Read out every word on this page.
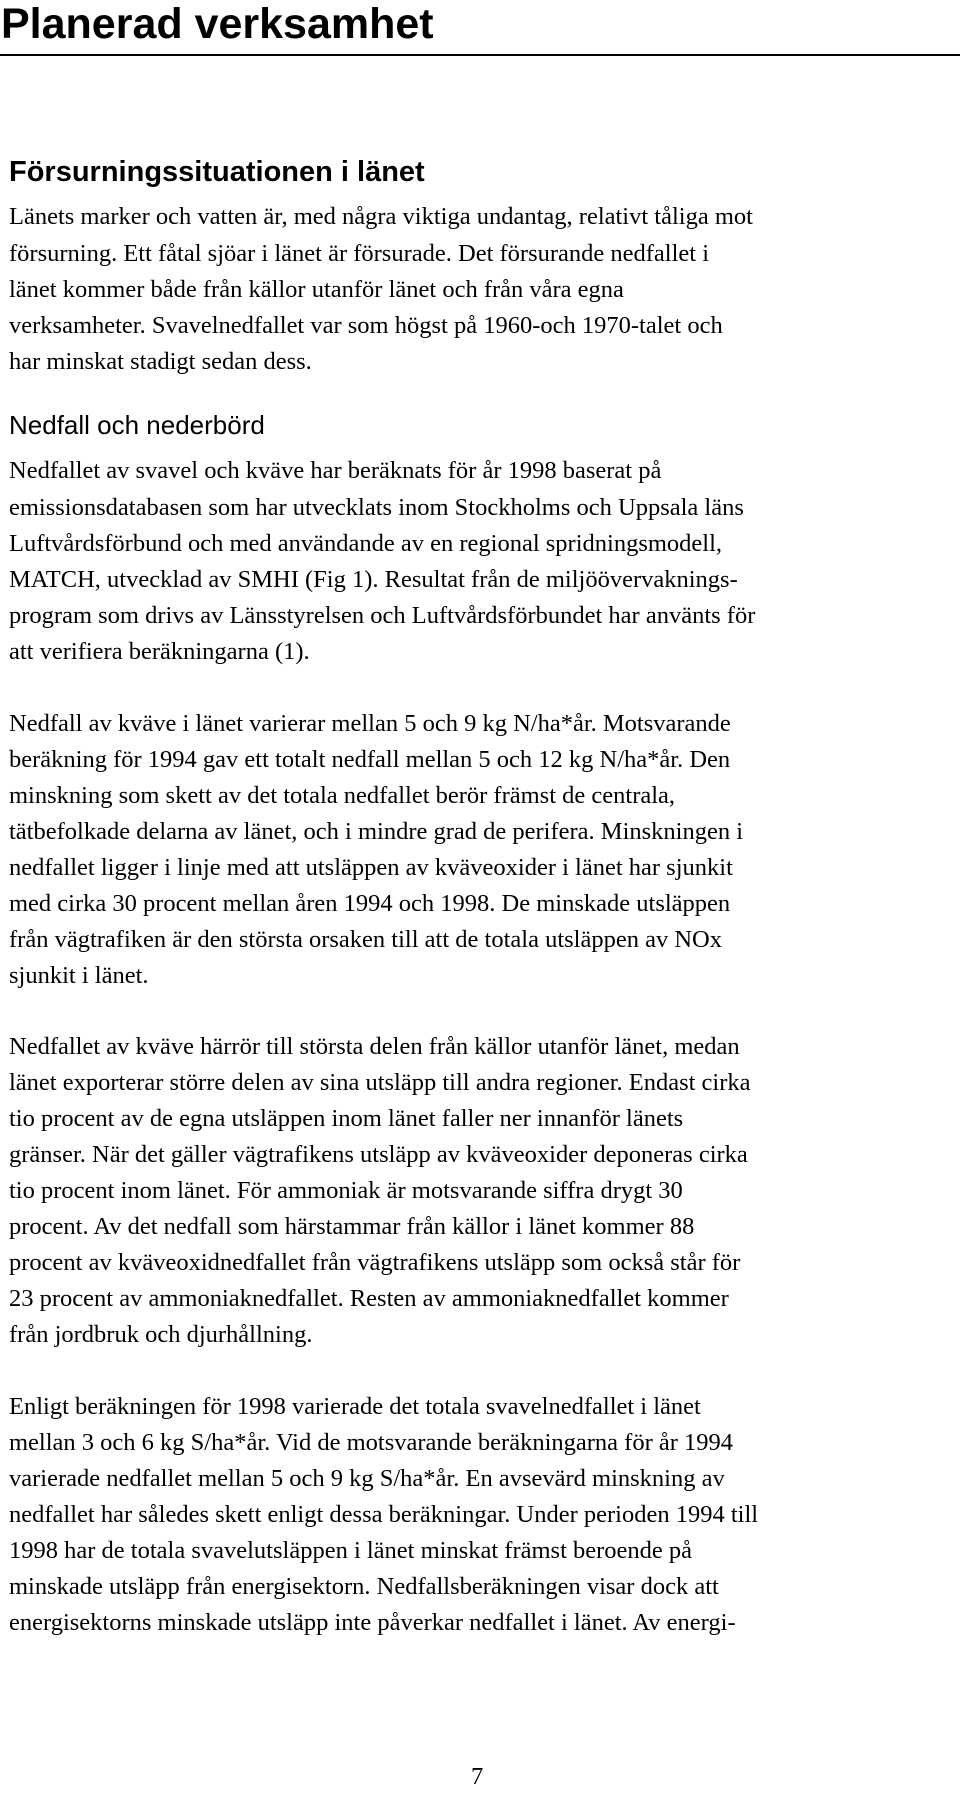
Planerad verksamhet
Försurningssituationen i länet
Länets marker och vatten är, med några viktiga undantag, relativt tåliga mot
försurning. Ett fåtal sjöar i länet är försurade. Det försurande nedfallet i
länet kommer både från källor utanför länet och från våra egna
verksamheter. Svavelnedfallet var som högst på 1960-och 1970-talet och
har minskat stadigt sedan dess.
Nedfall och nederbörd
Nedfallet av svavel och kväve har beräknats för år 1998 baserat på
emissionsdatabasen som har utvecklats inom Stockholms och Uppsala läns
Luftvårdsförbund och med användande av en regional spridningsmodell,
MATCH, utvecklad av SMHI (Fig 1). Resultat från de miljöövervaknings-
program som drivs av Länsstyrelsen och Luftvårdsförbundet har använts för
att verifiera beräkningarna (1).
Nedfall av kväve i länet varierar mellan 5 och 9 kg N/ha*år. Motsvarande
beräkning för 1994 gav ett totalt nedfall mellan 5 och 12 kg N/ha*år. Den
minskning som skett av det totala nedfallet berör främst de centrala,
tätbefolkade delarna av länet, och i mindre grad de perifera. Minskningen i
nedfallet ligger i linje med att utsläppen av kväveoxider i länet har sjunkit
med cirka 30 procent mellan åren 1994 och 1998. De minskade utsläppen
från vägtrafiken är den största orsaken till att de totala utsläppen av NOx
sjunkit i länet.
Nedfallet av kväve härrör till största delen från källor utanför länet, medan
länet exporterar större delen av sina utsläpp till andra regioner. Endast cirka
tio procent av de egna utsläppen inom länet faller ner innanför länets
gränser. När det gäller vägtrafikens utsläpp av kväveoxider deponeras cirka
tio procent inom länet. För ammoniak är motsvarande siffra drygt 30
procent. Av det nedfall som härstammar från källor i länet kommer 88
procent av kväveoxidnedfallet från vägtrafikens utsläpp som också står för
23 procent av ammoniaknedfallet. Resten av ammoniaknedfallet kommer
från jordbruk och djurhållning.
Enligt beräkningen för 1998 varierade det totala svavelnedfallet i länet
mellan 3 och 6 kg S/ha*år. Vid de motsvarande beräkningarna för år 1994
varierade nedfallet mellan 5 och 9 kg S/ha*år. En avsevärd minskning av
nedfallet har således skett enligt dessa beräkningar. Under perioden 1994 till
1998 har de totala svavelutsläppen i länet minskat främst beroende på
minskade utsläpp från energisektorn. Nedfallsberäkningen visar dock att
energisektorns minskade utsläpp inte påverkar nedfallet i länet. Av energi-
7
